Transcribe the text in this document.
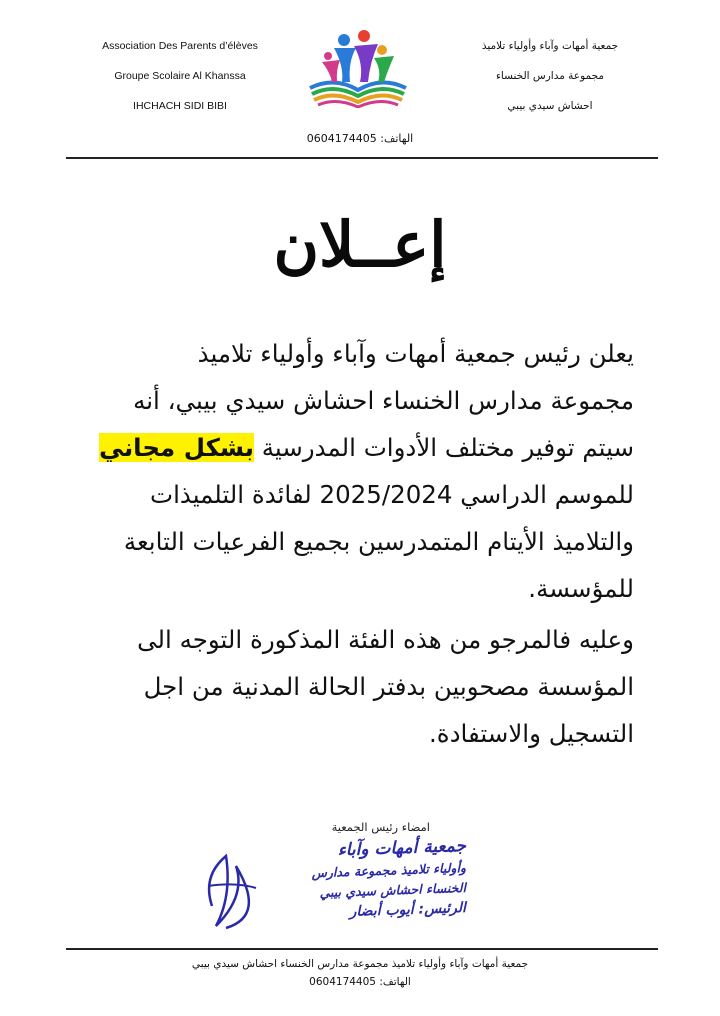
Association Des Parents d’élèves
Groupe Scolaire Al Khanssa
IHCHACH SIDI BIBI
جمعية أمهات وآباء وأولياء تلاميذ
مجموعة مدارس الخنساء
احشاش سيدي بيبي
الهاتف: 0604174405
إعــلان
يعلن رئيس جمعية أمهات وآباء وأولياء تلاميذ
مجموعة مدارس الخنساء احشاش سيدي بيبي، أنه
سيتم توفير مختلف الأدوات المدرسية بشكل مجاني
للموسم الدراسي 2025/2024 لفائدة التلميذات
والتلاميذ الأيتام المتمدرسين بجميع الفرعيات التابعة
للمؤسسة.
وعليه فالمرجو من هذه الفئة المذكورة التوجه الى
المؤسسة مصحوبين بدفتر الحالة المدنية من اجل
التسجيل والاستفادة.
امضاء رئيس الجمعية
جمعية أمهات وآباء
وأولياء تلاميذ مجموعة مدارس
الخنساء احشاش سيدي بيبي
الرئيس: أيوب أبضار
جمعية أمهات وآباء وأولياء تلاميذ مجموعة مدارس الخنساء احشاش سيدي بيبي
الهاتف: 0604174405
